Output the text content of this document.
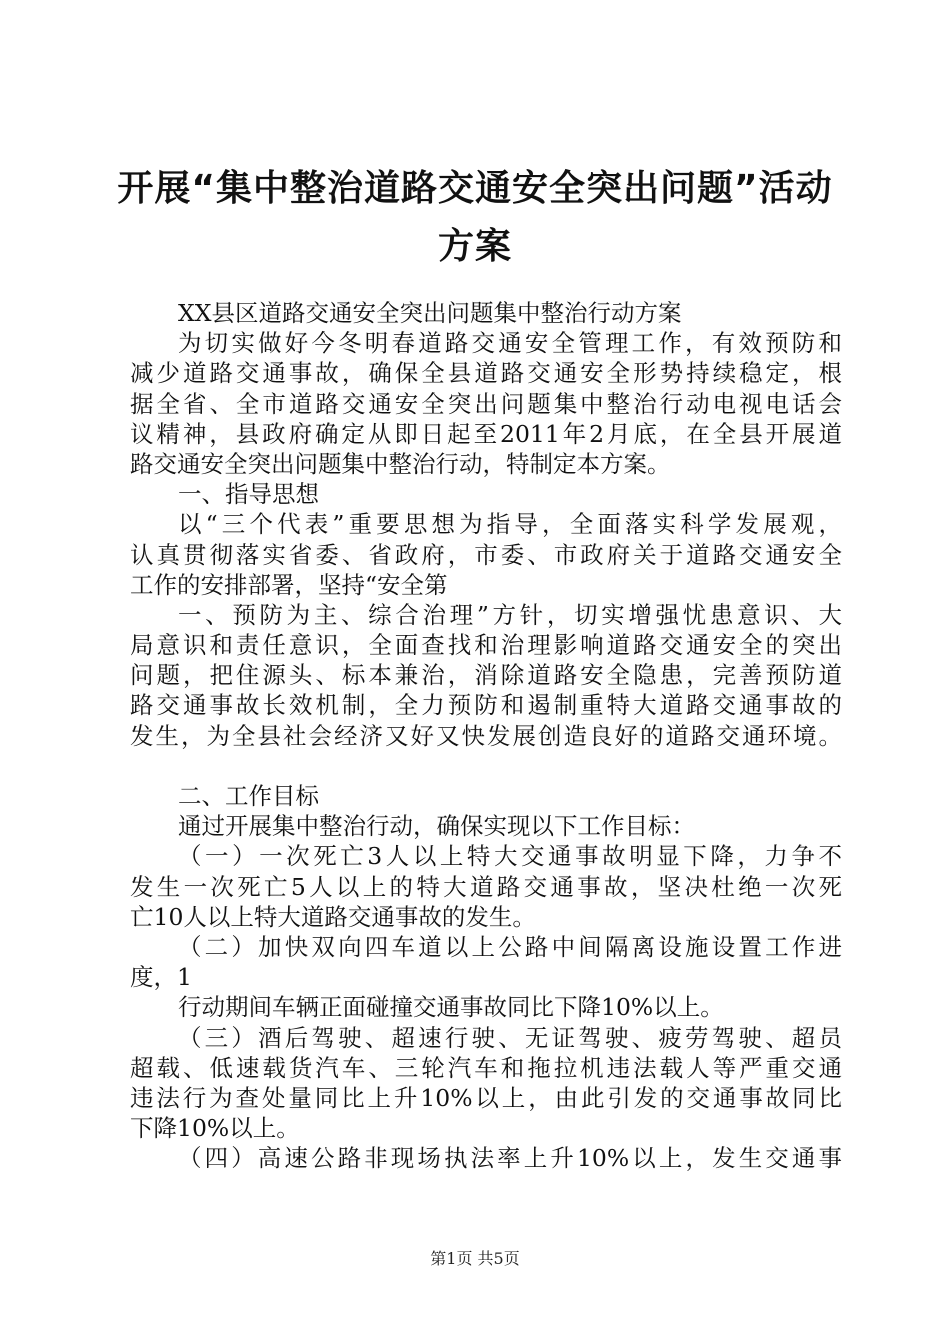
开展“集中整治道路交通安全突出问题”活动
方案
XX县区道路交通安全突出问题集中整治行动方案
为切实做好今冬明春道路交通安全管理工作，有效预防和
减少道路交通事故，确保全县道路交通安全形势持续稳定，根
据全省、全市道路交通安全突出问题集中整治行动电视电话会
议精神，县政府确定从即日起至2011年2月底，在全县开展道
路交通安全突出问题集中整治行动，特制定本方案。
一、指导思想
以“三个代表”重要思想为指导，全面落实科学发展观，
认真贯彻落实省委、省政府，市委、市政府关于道路交通安全
工作的安排部署，坚持“安全第
一、预防为主、综合治理”方针，切实增强忧患意识、大
局意识和责任意识，全面查找和治理影响道路交通安全的突出
问题，把住源头、标本兼治，消除道路安全隐患，完善预防道
路交通事故长效机制，全力预防和遏制重特大道路交通事故的
发生，为全县社会经济又好又快发展创造良好的道路交通环境。
二、工作目标
通过开展集中整治行动，确保实现以下工作目标：
（一）一次死亡3人以上特大交通事故明显下降，力争不
发生一次死亡5人以上的特大道路交通事故，坚决杜绝一次死
亡10人以上特大道路交通事故的发生。
（二）加快双向四车道以上公路中间隔离设施设置工作进
度，1
行动期间车辆正面碰撞交通事故同比下降10%以上。
（三）酒后驾驶、超速行驶、无证驾驶、疲劳驾驶、超员
超载、低速载货汽车、三轮汽车和拖拉机违法载人等严重交通
违法行为查处量同比上升10%以上，由此引发的交通事故同比
下降10%以上。
（四）高速公路非现场执法率上升10%以上，发生交通事
第1页 共5页
